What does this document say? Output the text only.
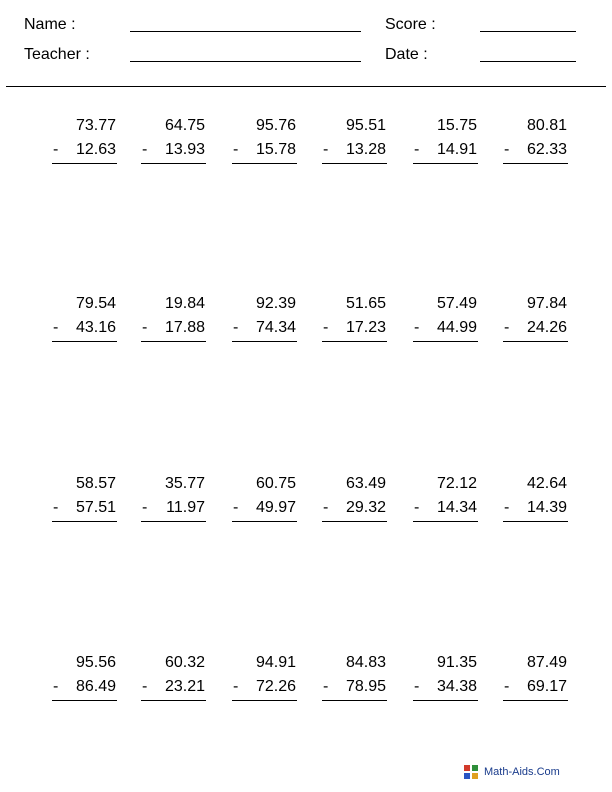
Name :	Score :
Teacher :	Date :
73.77
- 12.63
64.75
- 13.93
95.76
- 15.78
95.51
- 13.28
15.75
- 14.91
80.81
- 62.33
79.54
- 43.16
19.84
- 17.88
92.39
- 74.34
51.65
- 17.23
57.49
- 44.99
97.84
- 24.26
58.57
- 57.51
35.77
- 11.97
60.75
- 49.97
63.49
- 29.32
72.12
- 14.34
42.64
- 14.39
95.56
- 86.49
60.32
- 23.21
94.91
- 72.26
84.83
- 78.95
91.35
- 34.38
87.49
- 69.17
Math-Aids.Com
